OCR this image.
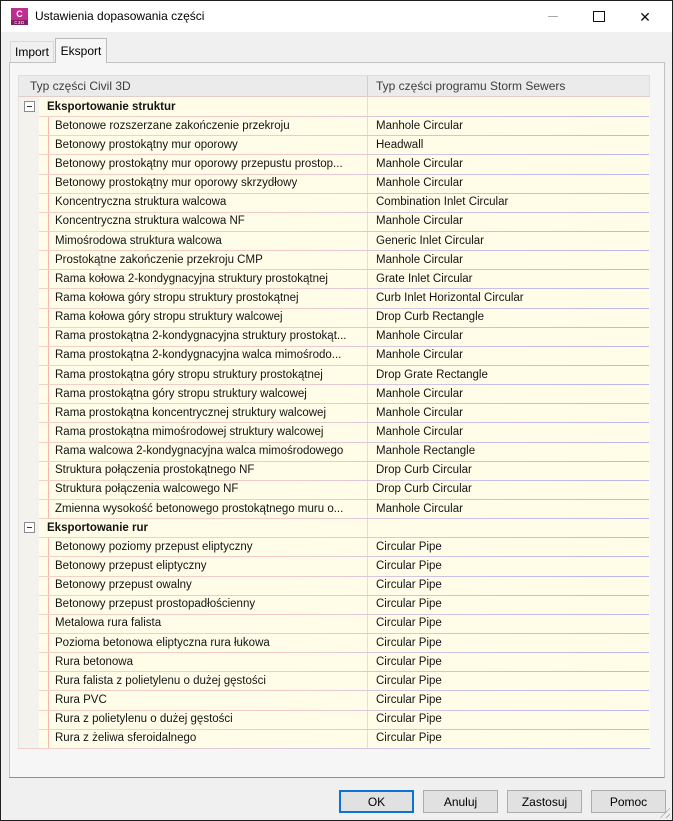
C
C3D Ustawienia dopasowania części	✕
Import Eksport
Typ części Civil 3D	Typ części programu Storm Sewers
Eksportowanie struktur
Betonowe rozszerzane zakończenie przekroju	Manhole Circular
Betonowy prostokątny mur oporowy	Headwall
Betonowy prostokątny mur oporowy przepustu prostop...	Manhole Circular
Betonowy prostokątny mur oporowy skrzydłowy	Manhole Circular
Koncentryczna struktura walcowa	Combination Inlet Circular
Koncentryczna struktura walcowa NF	Manhole Circular
Mimośrodowa struktura walcowa	Generic Inlet Circular
Prostokątne zakończenie przekroju CMP	Manhole Circular
Rama kołowa 2-kondygnacyjna struktury prostokątnej	Grate Inlet Circular
Rama kołowa góry stropu struktury prostokątnej	Curb Inlet Horizontal Circular
Rama kołowa góry stropu struktury walcowej	Drop Curb Rectangle
Rama prostokątna 2-kondygnacyjna struktury prostokąt...	Manhole Circular
Rama prostokątna 2-kondygnacyjna walca mimośrodo...	Manhole Circular
Rama prostokątna góry stropu struktury prostokątnej	Drop Grate Rectangle
Rama prostokątna góry stropu struktury walcowej	Manhole Circular
Rama prostokątna koncentrycznej struktury walcowej	Manhole Circular
Rama prostokątna mimośrodowej struktury walcowej	Manhole Circular
Rama walcowa 2-kondygnacyjna walca mimośrodowego	Manhole Rectangle
Struktura połączenia prostokątnego NF	Drop Curb Circular
Struktura połączenia walcowego NF	Drop Curb Circular
Zmienna wysokość betonowego prostokątnego muru o...	Manhole Circular
Eksportowanie rur
Betonowy poziomy przepust eliptyczny	Circular Pipe
Betonowy przepust eliptyczny	Circular Pipe
Betonowy przepust owalny	Circular Pipe
Betonowy przepust prostopadłościenny	Circular Pipe
Metalowa rura falista	Circular Pipe
Pozioma betonowa eliptyczna rura łukowa	Circular Pipe
Rura betonowa	Circular Pipe
Rura falista z polietylenu o dużej gęstości	Circular Pipe
Rura PVC	Circular Pipe
Rura z polietylenu o dużej gęstości	Circular Pipe
Rura z żeliwa sferoidalnego	Circular Pipe
OK	Anuluj	Zastosuj	Pomoc
